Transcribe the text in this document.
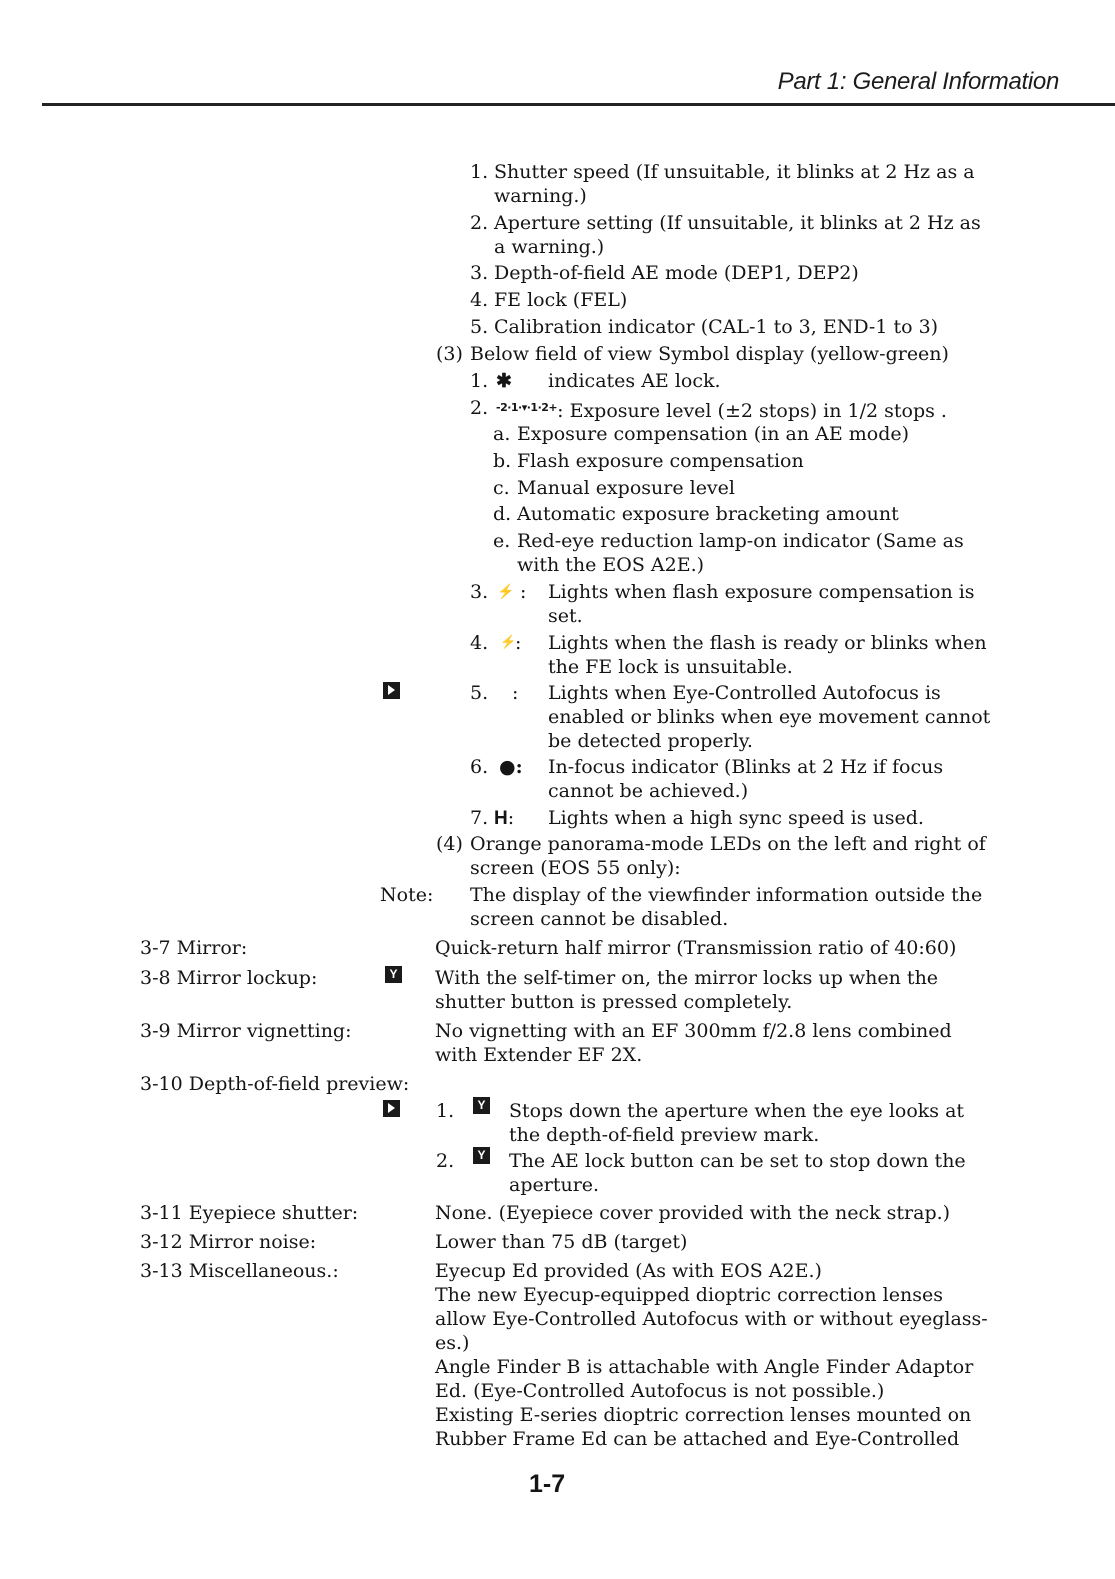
Part 1: General Information
1. Shutter speed (If unsuitable, it blinks at 2 Hz as a
warning.)
2. Aperture setting (If unsuitable, it blinks at 2 Hz as
a warning.)
3. Depth-of-field AE mode (DEP1, DEP2)
4. FE lock (FEL)
5. Calibration indicator (CAL-1 to 3, END-1 to 3)
(3) Below field of view Symbol display (yellow-green)
1. ✱ indicates AE lock.
2. $^{-2\cdot 1\cdot▾\cdot 1\cdot 2+}$: Exposure level (±2 stops) in 1/2 stops .
a. Exposure compensation (in an AE mode)
b. Flash exposure compensation
c. Manual exposure level
d. Automatic exposure bracketing amount
e. Red-eye reduction lamp-on indicator (Same as
with the EOS A2E.)
3. ⚡ : Lights when flash exposure compensation is
set.
4. ⚡
: Lights when the flash is ready or blinks when
the FE lock is unsuitable.
5.	: Lights when Eye-Controlled Autofocus is
enabled or blinks when eye movement cannot
be detected properly.
6. ●: In-focus indicator (Blinks at 2 Hz if focus
cannot be achieved.)
7. H: Lights when a high sync speed is used.
(4) Orange panorama-mode LEDs on the left and right of
screen (EOS 55 only):
Note: The display of the viewfinder information outside the
screen cannot be disabled.
3-7 Mirror:	Quick-return half mirror (Transmission ratio of 40:60)
3-8 Mirror lockup:	Y With the self-timer on, the mirror locks up when the
shutter button is pressed completely.
3-9 Mirror vignetting:	No vignetting with an EF 300mm f/2.8 lens combined
with Extender EF 2X.
3-10 Depth-of-field preview:
1.	Y Stops down the aperture when the eye looks at
the depth-of-field preview mark.
2.	Y The AE lock button can be set to stop down the
aperture.
3-11 Eyepiece shutter:	None. (Eyepiece cover provided with the neck strap.)
3-12 Mirror noise:	Lower than 75 dB (target)
3-13 Miscellaneous.:	Eyecup Ed provided (As with EOS A2E.)
The new Eyecup-equipped dioptric correction lenses
allow Eye-Controlled Autofocus with or without eyeglass-
es.)
Angle Finder B is attachable with Angle Finder Adaptor
Ed. (Eye-Controlled Autofocus is not possible.)
Existing E-series dioptric correction lenses mounted on
Rubber Frame Ed can be attached and Eye-Controlled
1-7
